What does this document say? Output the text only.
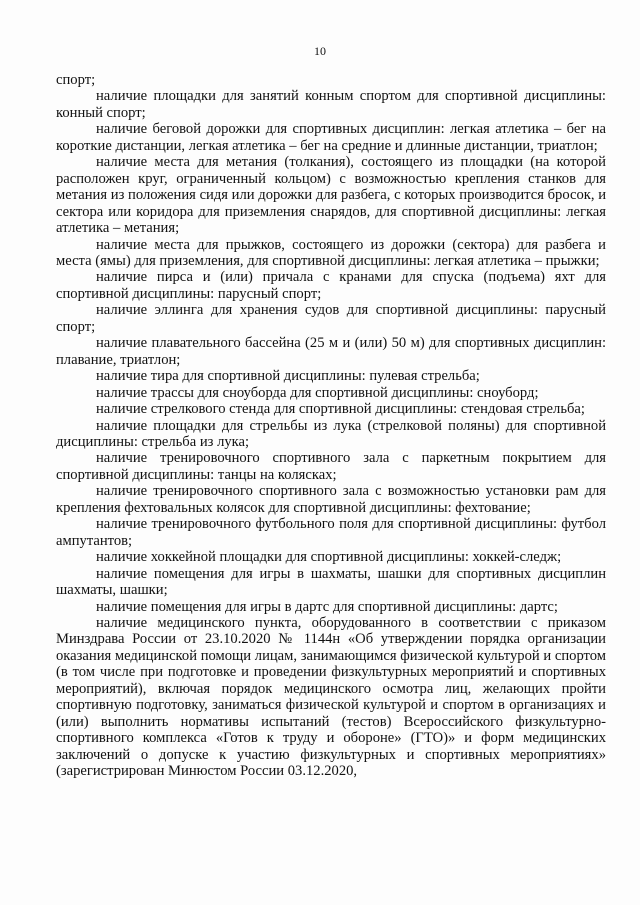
10

спорт;

наличие площадки для занятий конным спортом для спортивной дисциплины: конный спорт;

наличие беговой дорожки для спортивных дисциплин: легкая атлетика – бег на короткие дистанции, легкая атлетика – бег на средние и длинные дистанции, триатлон;

наличие места для метания (толкания), состоящего из площадки (на которой расположен круг, ограниченный кольцом) с возможностью крепления станков для метания из положения сидя или дорожки для разбега, с которых производится бросок, и сектора или коридора для приземления снарядов, для спортивной дисциплины: легкая атлетика – метания;

наличие места для прыжков, состоящего из дорожки (сектора) для разбега и места (ямы) для приземления, для спортивной дисциплины: легкая атлетика – прыжки;

наличие пирса и (или) причала с кранами для спуска (подъема) яхт для спортивной дисциплины: парусный спорт;

наличие эллинга для хранения судов для спортивной дисциплины: парусный спорт;

наличие плавательного бассейна (25 м и (или) 50 м) для спортивных дисциплин: плавание, триатлон;

наличие тира для спортивной дисциплины: пулевая стрельба;

наличие трассы для сноуборда для спортивной дисциплины: сноуборд;

наличие стрелкового стенда для спортивной дисциплины: стендовая стрельба;

наличие площадки для стрельбы из лука (стрелковой поляны) для спортивной дисциплины: стрельба из лука;

наличие тренировочного спортивного зала с паркетным покрытием для спортивной дисциплины: танцы на колясках;

наличие тренировочного спортивного зала с возможностью установки рам для крепления фехтовальных колясок для спортивной дисциплины: фехтование;

наличие тренировочного футбольного поля для спортивной дисциплины: футбол ампутантов;

наличие хоккейной площадки для спортивной дисциплины: хоккей-следж;

наличие помещения для игры в шахматы, шашки для спортивных дисциплин шахматы, шашки;

наличие помещения для игры в дартс для спортивной дисциплины: дартс;

наличие медицинского пункта, оборудованного в соответствии с приказом Минздрава России от 23.10.2020 № 1144н «Об утверждении порядка организации оказания медицинской помощи лицам, занимающимся физической культурой и спортом (в том числе при подготовке и проведении физкультурных мероприятий и спортивных мероприятий), включая порядок медицинского осмотра лиц, желающих пройти спортивную подготовку, заниматься физической культурой и спортом в организациях и (или) выполнить нормативы испытаний (тестов) Всероссийского физкультурно-спортивного комплекса «Готов к труду и обороне» (ГТО)» и форм медицинских заключений о допуске к участию физкультурных и спортивных мероприятиях» (зарегистрирован Минюстом России 03.12.2020,
